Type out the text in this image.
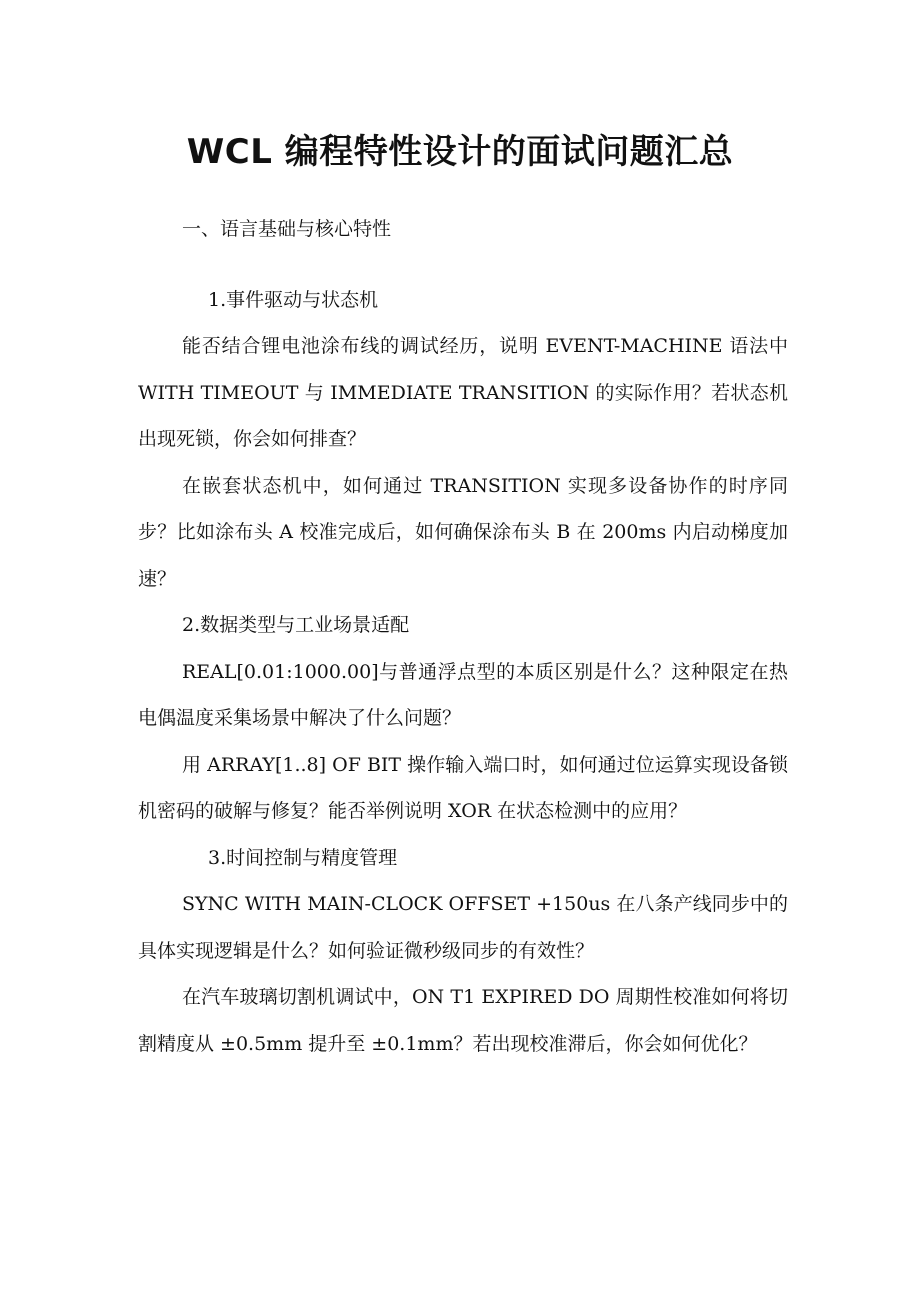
WCL 编程特性设计的面试问题汇总

一、语言基础与核心特性

1.事件驱动与状态机

能否结合锂电池涂布线的调试经历，说明 EVENT-MACHINE 语法中 WITH TIMEOUT 与 IMMEDIATE TRANSITION 的实际作用？若状态机出现死锁，你会如何排查？

在嵌套状态机中，如何通过 TRANSITION 实现多设备协作的时序同步？比如涂布头 A 校准完成后，如何确保涂布头 B 在 200ms 内启动梯度加速？

2.数据类型与工业场景适配

REAL[0.01:1000.00]与普通浮点型的本质区别是什么？这种限定在热电偶温度采集场景中解决了什么问题？

用 ARRAY[1..8] OF BIT 操作输入端口时，如何通过位运算实现设备锁机密码的破解与修复？能否举例说明 XOR 在状态检测中的应用？

3.时间控制与精度管理

SYNC WITH MAIN-CLOCK OFFSET +150us 在八条产线同步中的具体实现逻辑是什么？如何验证微秒级同步的有效性？

在汽车玻璃切割机调试中，ON T1 EXPIRED DO 周期性校准如何将切割精度从 ±0.5mm 提升至 ±0.1mm？若出现校准滞后，你会如何优化？
